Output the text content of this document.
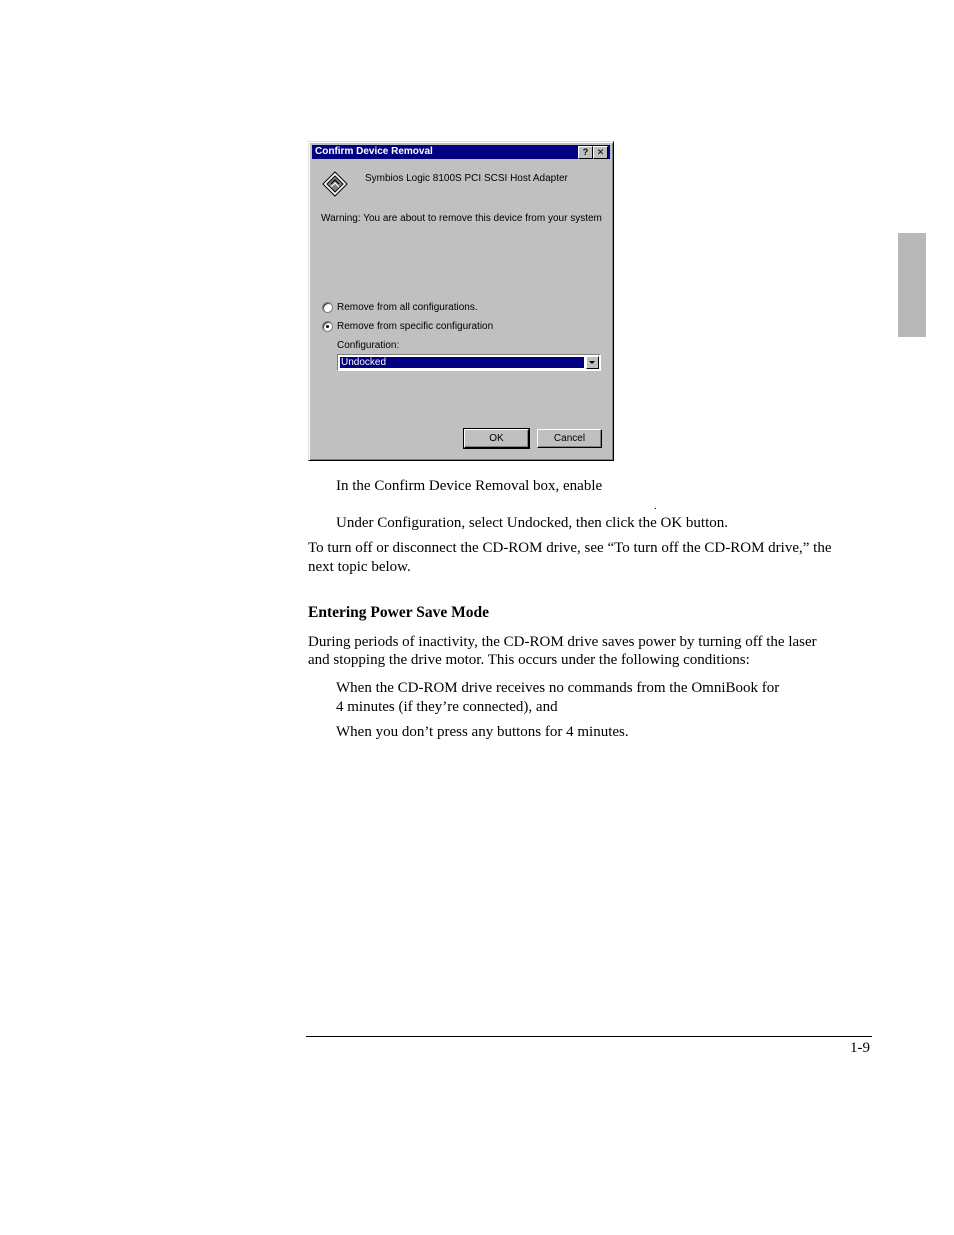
Confirm Device Removal	? ✕
Symbios Logic 8100S PCI SCSI Host Adapter
Warning: You are about to remove this device from your system
Remove from all configurations.
Remove from specific configuration
Configuration:
Undocked
OK	Cancel
In the Confirm Device Removal box, enable
.
Under Configuration, select Undocked, then click the OK button.
To turn off or disconnect the CD-ROM drive, see “To turn off the CD-ROM drive,” the
next topic below.
Entering Power Save Mode
During periods of inactivity, the CD-ROM drive saves power by turning off the laser
and stopping the drive motor. This occurs under the following conditions:
When the CD-ROM drive receives no commands from the OmniBook for
4 minutes (if they’re connected), and
When you don’t press any buttons for 4 minutes.
1-9
